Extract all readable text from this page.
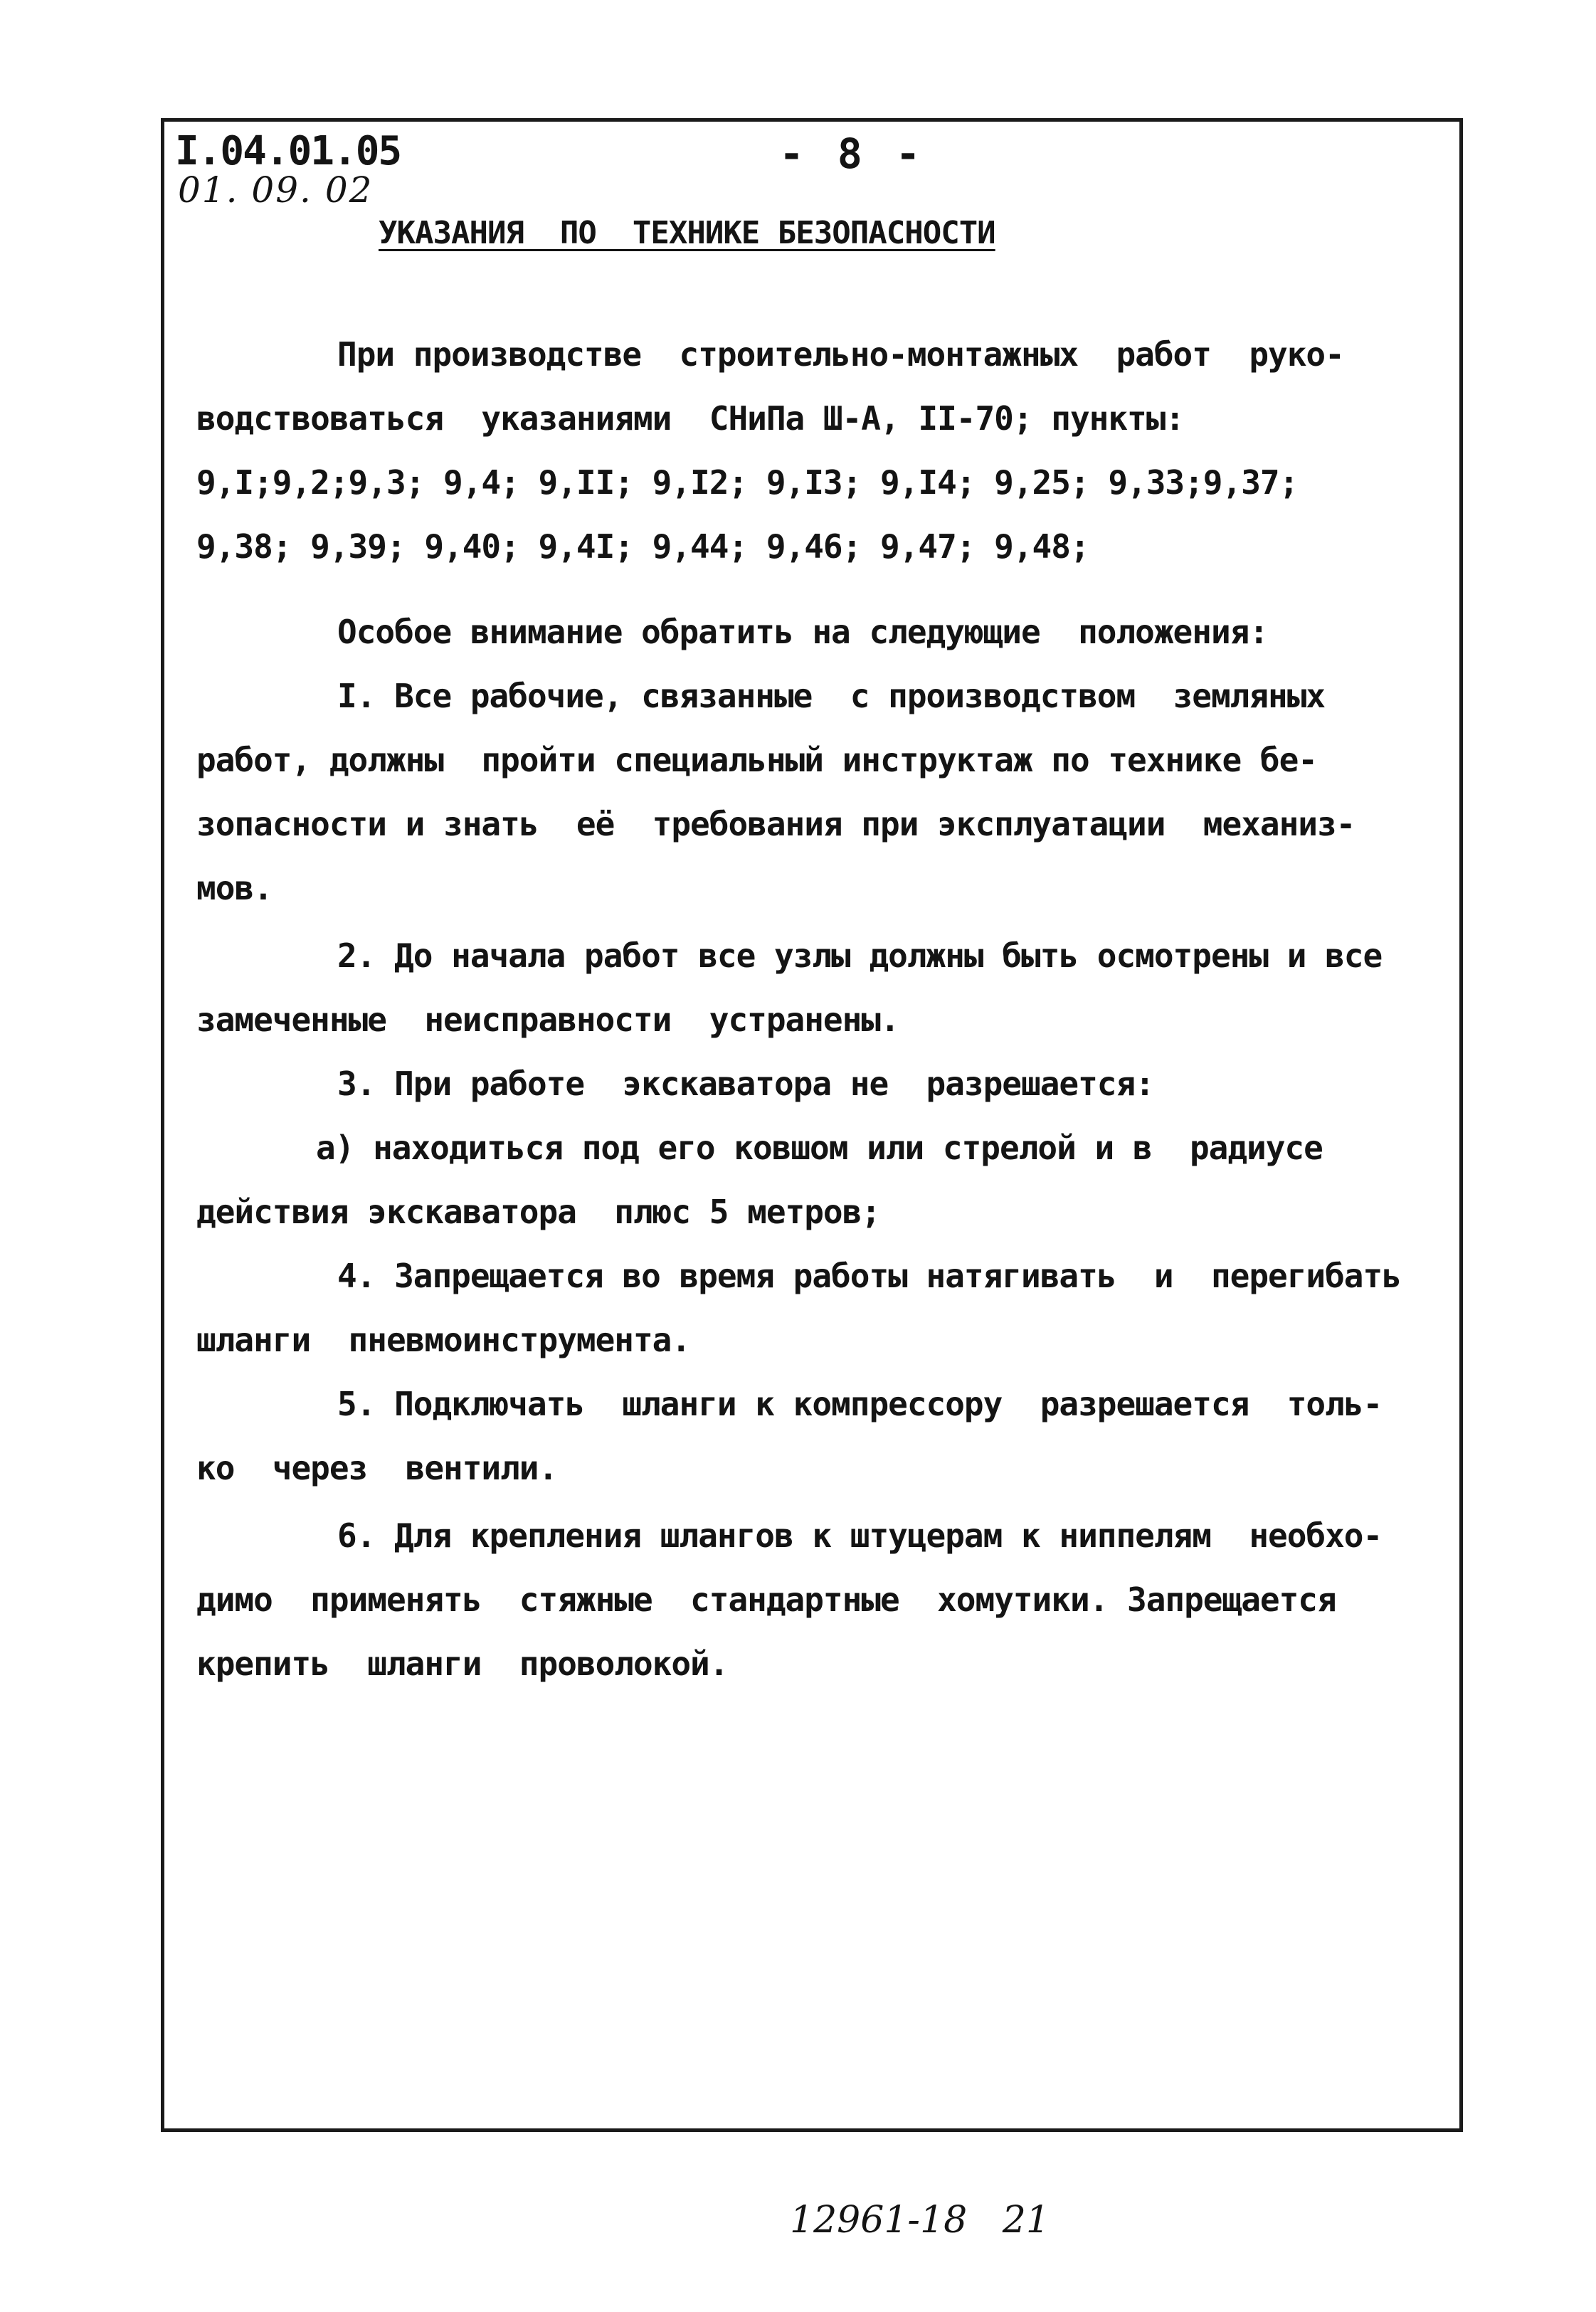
I.04.01.05
01. 09. 02
- 8 -
УКАЗАНИЯ  ПО  ТЕХНИКЕ БЕЗОПАСНОСТИ
При производстве  строительно-монтажных  работ  руко-
водствоваться  указаниями  СНиПа Ш-А, II-70; пункты:
9,I;9,2;9,3; 9,4; 9,II; 9,I2; 9,I3; 9,I4; 9,25; 9,33;9,37;
9,38; 9,39; 9,40; 9,4I; 9,44; 9,46; 9,47; 9,48;
Особое внимание обратить на следующие  положения:
I. Все рабочие, связанные  с производством  земляных
работ, должны  пройти специальный инструктаж по технике бе-
зопасности и знать  её  требования при эксплуатации  механиз-
мов.
2. До начала работ все узлы должны быть осмотрены и все
замеченные  неисправности  устранены.
3. При работе  экскаватора не  разрешается:
а) находиться под его ковшом или стрелой и в  радиусе
действия экскаватора  плюс 5 метров;
4. Запрещается во время работы натягивать  и  перегибать
шланги  пневмоинструмента.
5. Подключать  шланги к компрессору  разрешается  толь-
ко  через  вентили.
6. Для крепления шлангов к штуцерам к ниппелям  необхо-
димо  применять  стяжные  стандартные  хомутики. Запрещается
крепить  шланги  проволокой.
12961-18   21
